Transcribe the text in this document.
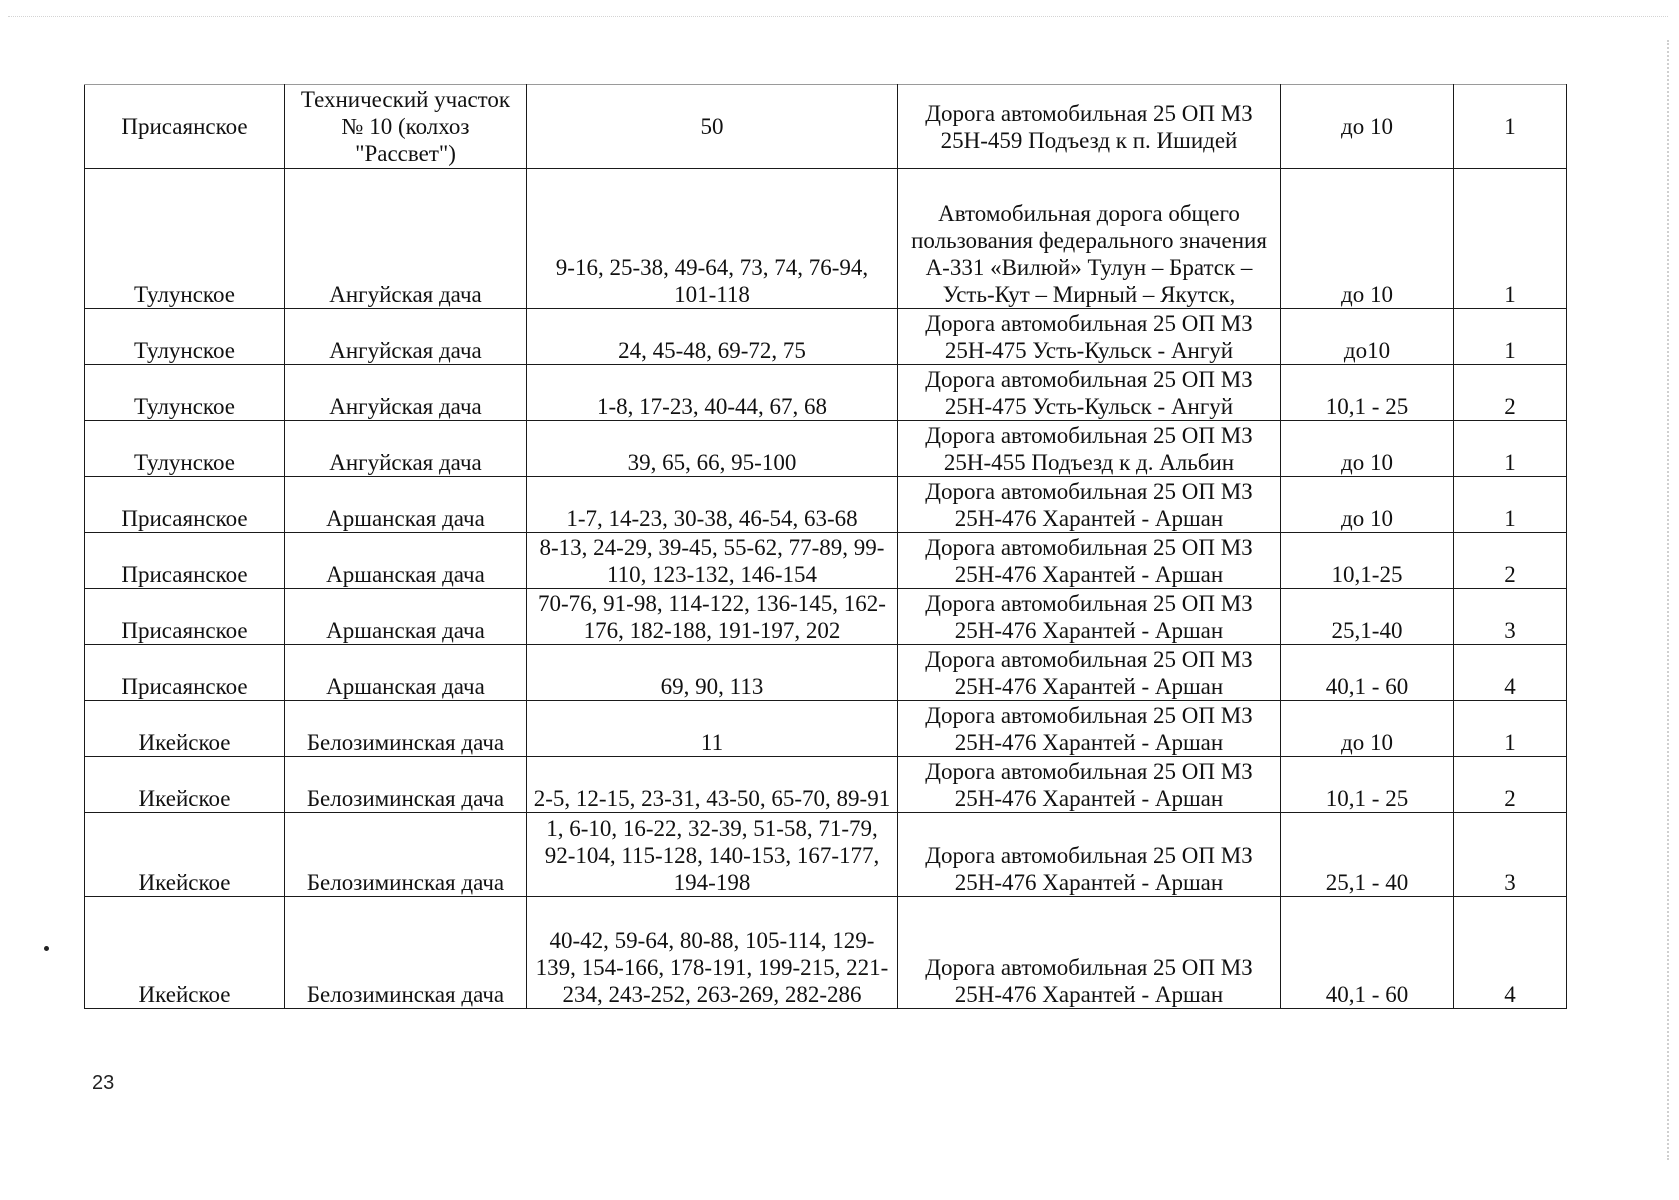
Присаянское	Технический участок № 10 (колхоз "Рассвет")	50	Дорога автомобильная 25 ОП МЗ 25Н-459 Подъезд к п. Ишидей	до 10	1
Тулунское	Ангуйская дача	9-16, 25-38, 49-64, 73, 74, 76-94, 101-118	Автомобильная дорога общего пользования федерального значения А-331 «Вилюй» Тулун – Братск – Усть-Кут – Мирный – Якутск,	до 10	1
Тулунское	Ангуйская дача	24, 45-48, 69-72, 75	Дорога автомобильная 25 ОП МЗ 25Н-475 Усть-Кульск - Ангуй	до10	1
Тулунское	Ангуйская дача	1-8, 17-23, 40-44, 67, 68	Дорога автомобильная 25 ОП МЗ 25Н-475 Усть-Кульск - Ангуй	10,1 - 25	2
Тулунское	Ангуйская дача	39, 65, 66, 95-100	Дорога автомобильная 25 ОП МЗ 25Н-455 Подъезд к д. Альбин	до 10	1
Присаянское	Аршанская дача	1-7, 14-23, 30-38, 46-54, 63-68	Дорога автомобильная 25 ОП МЗ 25Н-476 Харантей - Аршан	до 10	1
Присаянское	Аршанская дача	8-13, 24-29, 39-45, 55-62, 77-89, 99-110, 123-132, 146-154	Дорога автомобильная 25 ОП МЗ 25Н-476 Харантей - Аршан	10,1-25	2
Присаянское	Аршанская дача	70-76, 91-98, 114-122, 136-145, 162-176, 182-188, 191-197, 202	Дорога автомобильная 25 ОП МЗ 25Н-476 Харантей - Аршан	25,1-40	3
Присаянское	Аршанская дача	69, 90, 113	Дорога автомобильная 25 ОП МЗ 25Н-476 Харантей - Аршан	40,1 - 60	4
Икейское	Белозиминская дача	11	Дорога автомобильная 25 ОП МЗ 25Н-476 Харантей - Аршан	до 10	1
Икейское	Белозиминская дача	2-5, 12-15, 23-31, 43-50, 65-70, 89-91	Дорога автомобильная 25 ОП МЗ 25Н-476 Харантей - Аршан	10,1 - 25	2
Икейское	Белозиминская дача	1, 6-10, 16-22, 32-39, 51-58, 71-79, 92-104, 115-128, 140-153, 167-177, 194-198	Дорога автомобильная 25 ОП МЗ 25Н-476 Харантей - Аршан	25,1 - 40	3
Икейское	Белозиминская дача	40-42, 59-64, 80-88, 105-114, 129-139, 154-166, 178-191, 199-215, 221-234, 243-252, 263-269, 282-286	Дорога автомобильная 25 ОП МЗ 25Н-476 Харантей - Аршан	40,1 - 60	4
23
